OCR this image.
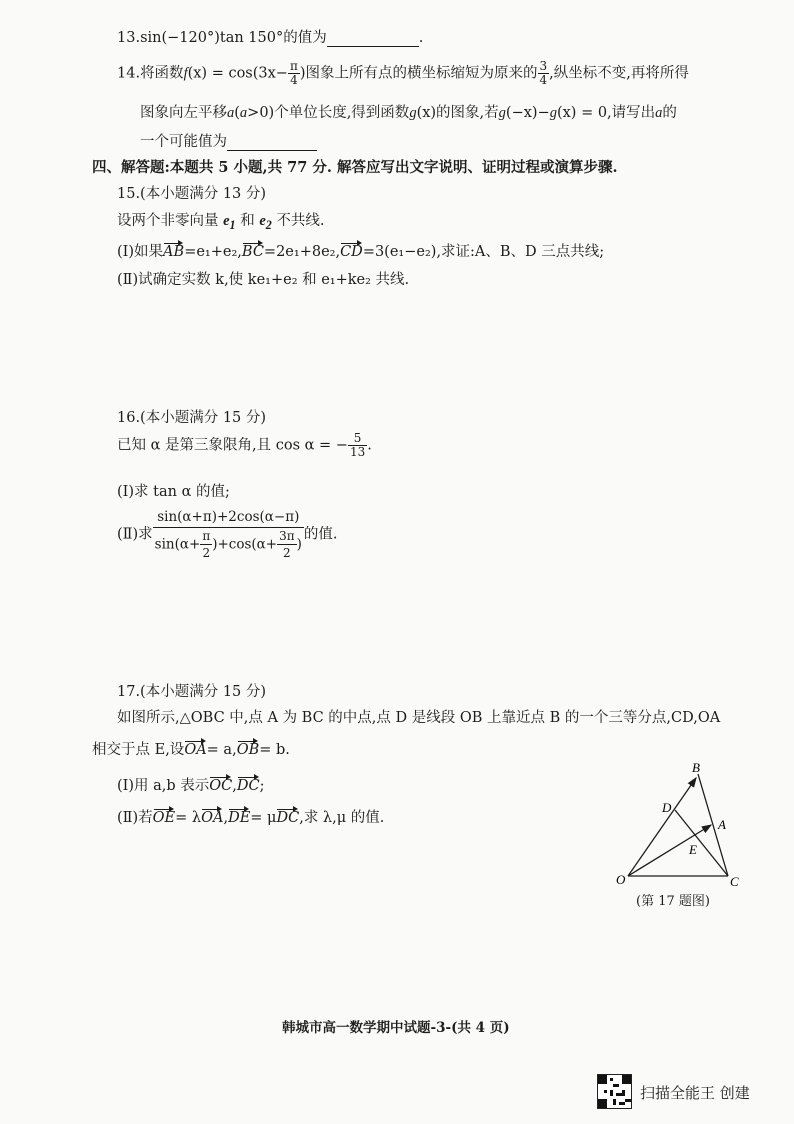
13.sin(−120°)tan 150°的值为	.
14.将函数$f(x) = \cos(3x- \frac{\pi}{4}$ )图象上所有点的横坐标缩短为原来的 $\frac{3}{4}$ ,纵坐标不变,再将所得
图象向左平移a(a>0)个单位长度,得到函数g(x)的图象,若g(−x)−g(x) = 0,请写出a的
一个可能值为
四、解答题:本题共 5 小题,共 77 分. 解答应写出文字说明、证明过程或演算步骤.
15.(本小题满分 13 分)
设两个非零向量 $e_1$ 和 $e_2$ 不共线.
(Ⅰ)如果AB=e₁+e₂,BC=2e₁+8e₂,CD=3(e₁−e₂),求证:A、B、D 三点共线;
(Ⅱ)试确定实数 k,使 ke₁+e₂ 和 e₁+ke₂ 共线.
16.(本小题满分 15 分)
已知 α 是第三象限角,且 cos α = − $\frac{5}{13}$ .
(Ⅰ)求 tan α 的值;
(Ⅱ)求 $\frac{\sin(\alpha+\pi)+2\cos(\alpha-\pi)}{\sin(\alpha+ \frac{\pi}{2} )+\cos(\alpha+ \frac{3\pi}{2} )}$ 的值.
17.(本小题满分 15 分)
如图所示,△OBC 中,点 A 为 BC 的中点,点 D 是线段 OB 上靠近点 B 的一个三等分点,CD,OA
相交于点 E,设OA= a,OB= b.
(Ⅰ)用 a,b 表示OC,DC;
(Ⅱ)若OE= λOA,DE= μDC,求 λ,μ 的值.
B
D
A
E
O	C
(第 17 题图)
韩城市高一数学期中试题-3-(共 4 页)
扫描全能王 创建
